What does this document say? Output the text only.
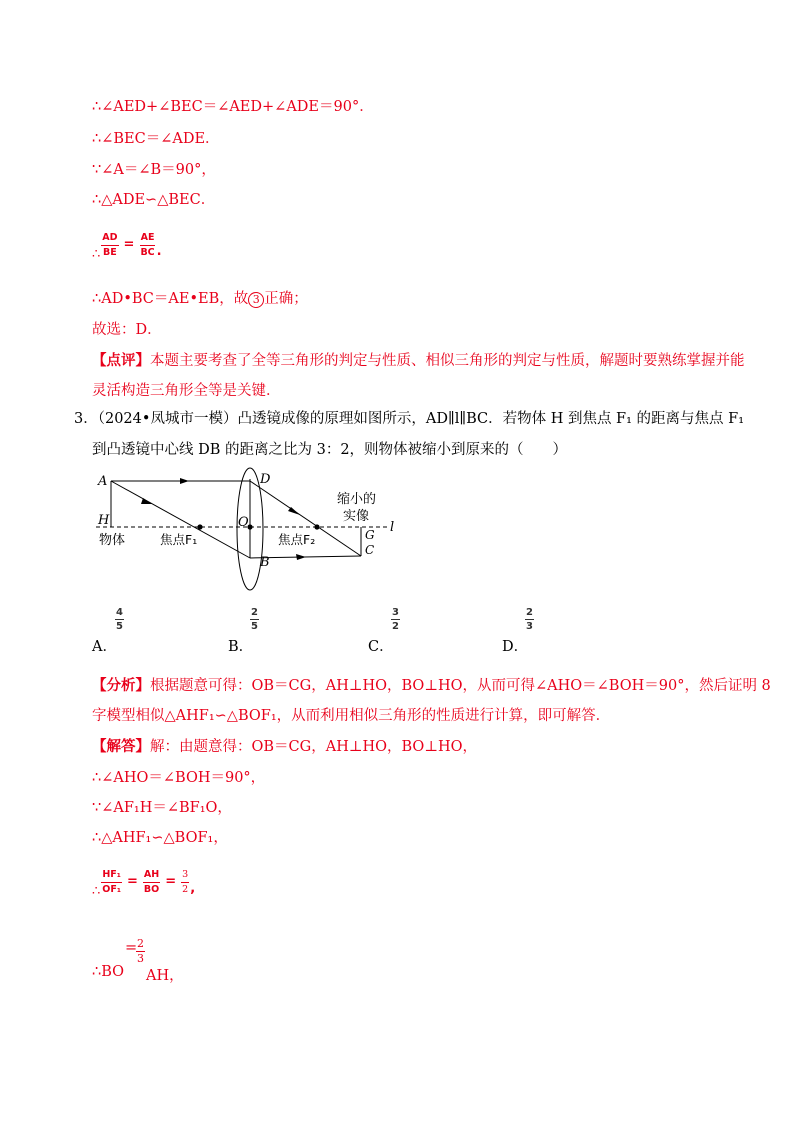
∴∠AED+∠BEC＝∠AED+∠ADE＝90°．
∴∠BEC＝∠ADE．
∵∠A＝∠B＝90°，
∴△ADE∽△BEC．
∴ $\frac{AD}{BE} = \frac{AE}{BC}$ .
∴AD•BC＝AE•EB，故 3 正确；
故选：D．
【点评】本题主要考查了全等三角形的判定与性质、相似三角形的判定与性质，解题时要熟练掌握并能
灵活构造三角形全等是关键．
3．（2024•凤城市一模）凸透镜成像的原理如图所示，AD∥l∥BC．若物体 H 到焦点 F₁ 的距离与焦点 F₁
到凸透镜中心线 DB 的距离之比为 3：2，则物体被缩小到原来的（　　）
A
H
物体	焦点F₁
O
D
B
焦点F₂
缩小的
实像
G
C
l
$\frac{4}{5}$
A．
$\frac{2}{5}$
B．
$\frac{3}{2}$
C．
$\frac{2}{3}$
D．
【分析】根据题意可得：OB＝CG，AH⊥HO，BO⊥HO，从而可得∠AHO＝∠BOH＝90°，然后证明 8
字模型相似△AHF₁∽△BOF₁，从而利用相似三角形的性质进行计算，即可解答．
【解答】解：由题意得：OB＝CG，AH⊥HO，BO⊥HO，
∴∠AHO＝∠BOH＝90°，
∵∠AF₁H＝∠BF₁O，
∴△AHF₁∽△BOF₁，
∴ $\frac{\text{HF₁}}{\text{OF₁}} = \frac{AH}{BO} = \frac{3}{2}$ ,
∴BO
=
$\frac{2}{3}$
AH，
